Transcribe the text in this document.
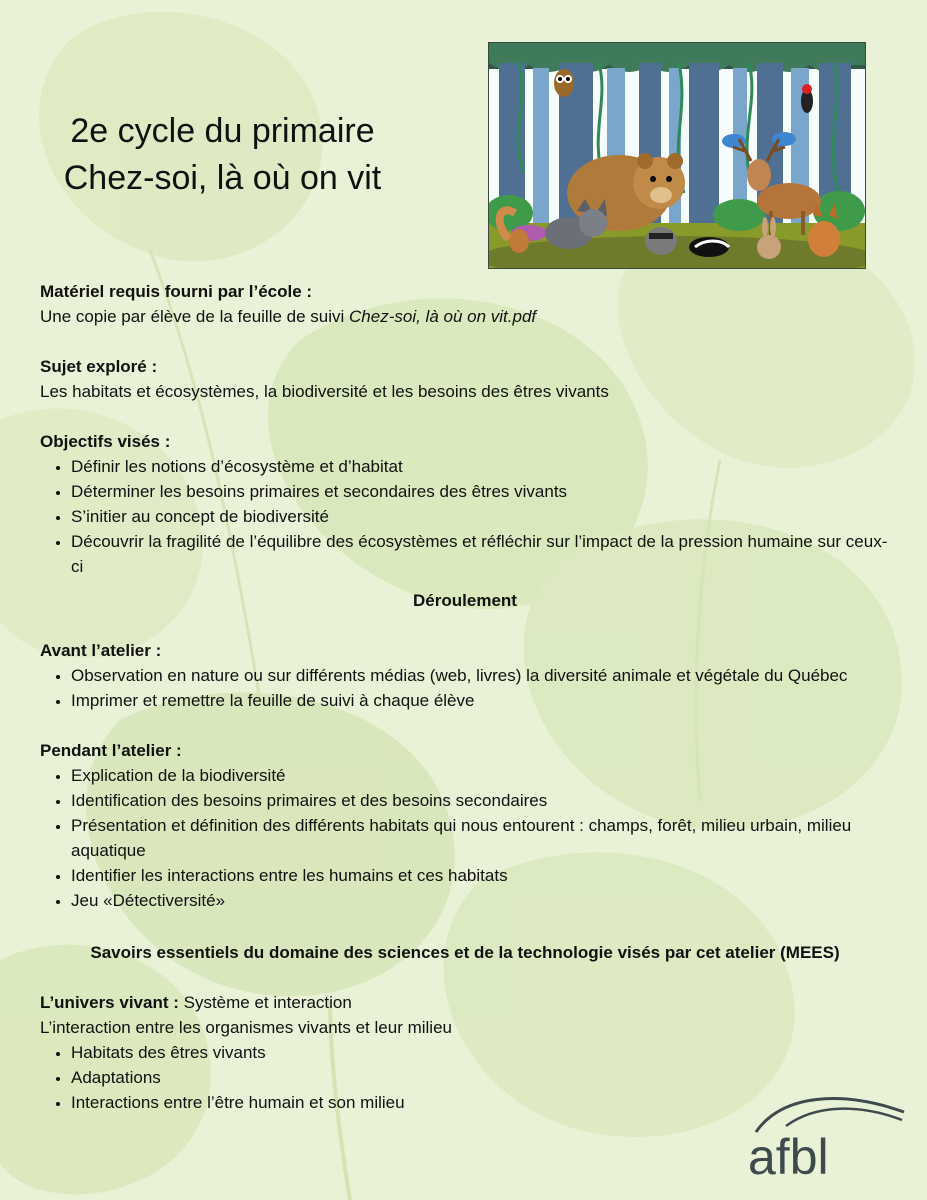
2e cycle du primaire
Chez-soi, là où on vit
Matériel requis fourni par l’école :
Une copie par élève de la feuille de suivi Chez-soi, là où on vit.pdf
Sujet exploré :
Les habitats et écosystèmes, la biodiversité et les besoins des êtres vivants
Objectifs visés :
• Définir les notions d’écosystème et d’habitat
• Déterminer les besoins primaires et secondaires des êtres vivants
• S’initier au concept de biodiversité
• Découvrir la fragilité de l’équilibre des écosystèmes et réfléchir sur l’impact de la pression humaine sur ceux-ci
Déroulement
Avant l’atelier :
• Observation en nature ou sur différents médias (web, livres) la diversité animale et végétale du Québec
• Imprimer et remettre la feuille de suivi à chaque élève
Pendant l’atelier :
• Explication de la biodiversité
• Identification des besoins primaires et des besoins secondaires
• Présentation et définition des différents habitats qui nous entourent : champs, forêt, milieu urbain, milieu aquatique
• Identifier les interactions entre les humains et ces habitats
• Jeu «Détectiversité»
Savoirs essentiels du domaine des sciences et de la technologie visés par cet atelier (MEES)
L’univers vivant : Système et interaction
L’interaction entre les organismes vivants et leur milieu
• Habitats des êtres vivants
• Adaptations
• Interactions entre l’être humain et son milieu
afbl
